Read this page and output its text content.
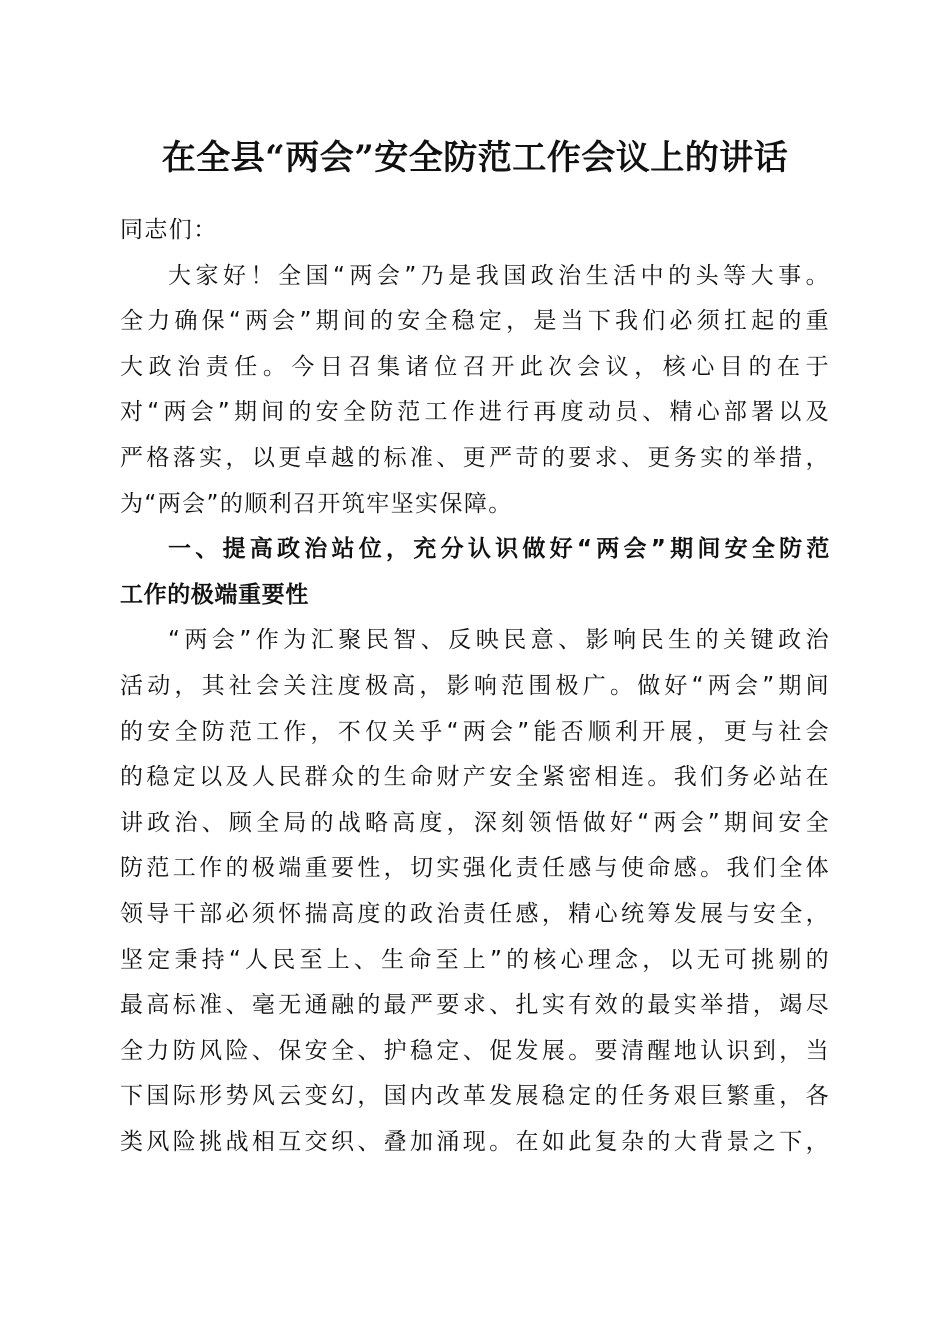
在全县“两会”安全防范工作会议上的讲话
同志们：
大家好！全国“两会”乃是我国政治生活中的头等大事。
全力确保“两会”期间的安全稳定，是当下我们必须扛起的重
大政治责任。今日召集诸位召开此次会议，核心目的在于
对“两会”期间的安全防范工作进行再度动员、精心部署以及
严格落实，以更卓越的标准、更严苛的要求、更务实的举措，
为“两会”的顺利召开筑牢坚实保障。
一、提高政治站位，充分认识做好“两会”期间安全防范
工作的极端重要性
“两会”作为汇聚民智、反映民意、影响民生的关键政治
活动，其社会关注度极高，影响范围极广。做好“两会”期间
的安全防范工作，不仅关乎“两会”能否顺利开展，更与社会
的稳定以及人民群众的生命财产安全紧密相连。我们务必站在
讲政治、顾全局的战略高度，深刻领悟做好“两会”期间安全
防范工作的极端重要性，切实强化责任感与使命感。我们全体
领导干部必须怀揣高度的政治责任感，精心统筹发展与安全，
坚定秉持“人民至上、生命至上”的核心理念，以无可挑剔的
最高标准、毫无通融的最严要求、扎实有效的最实举措，竭尽
全力防风险、保安全、护稳定、促发展。要清醒地认识到，当
下国际形势风云变幻，国内改革发展稳定的任务艰巨繁重，各
类风险挑战相互交织、叠加涌现。在如此复杂的大背景之下，
